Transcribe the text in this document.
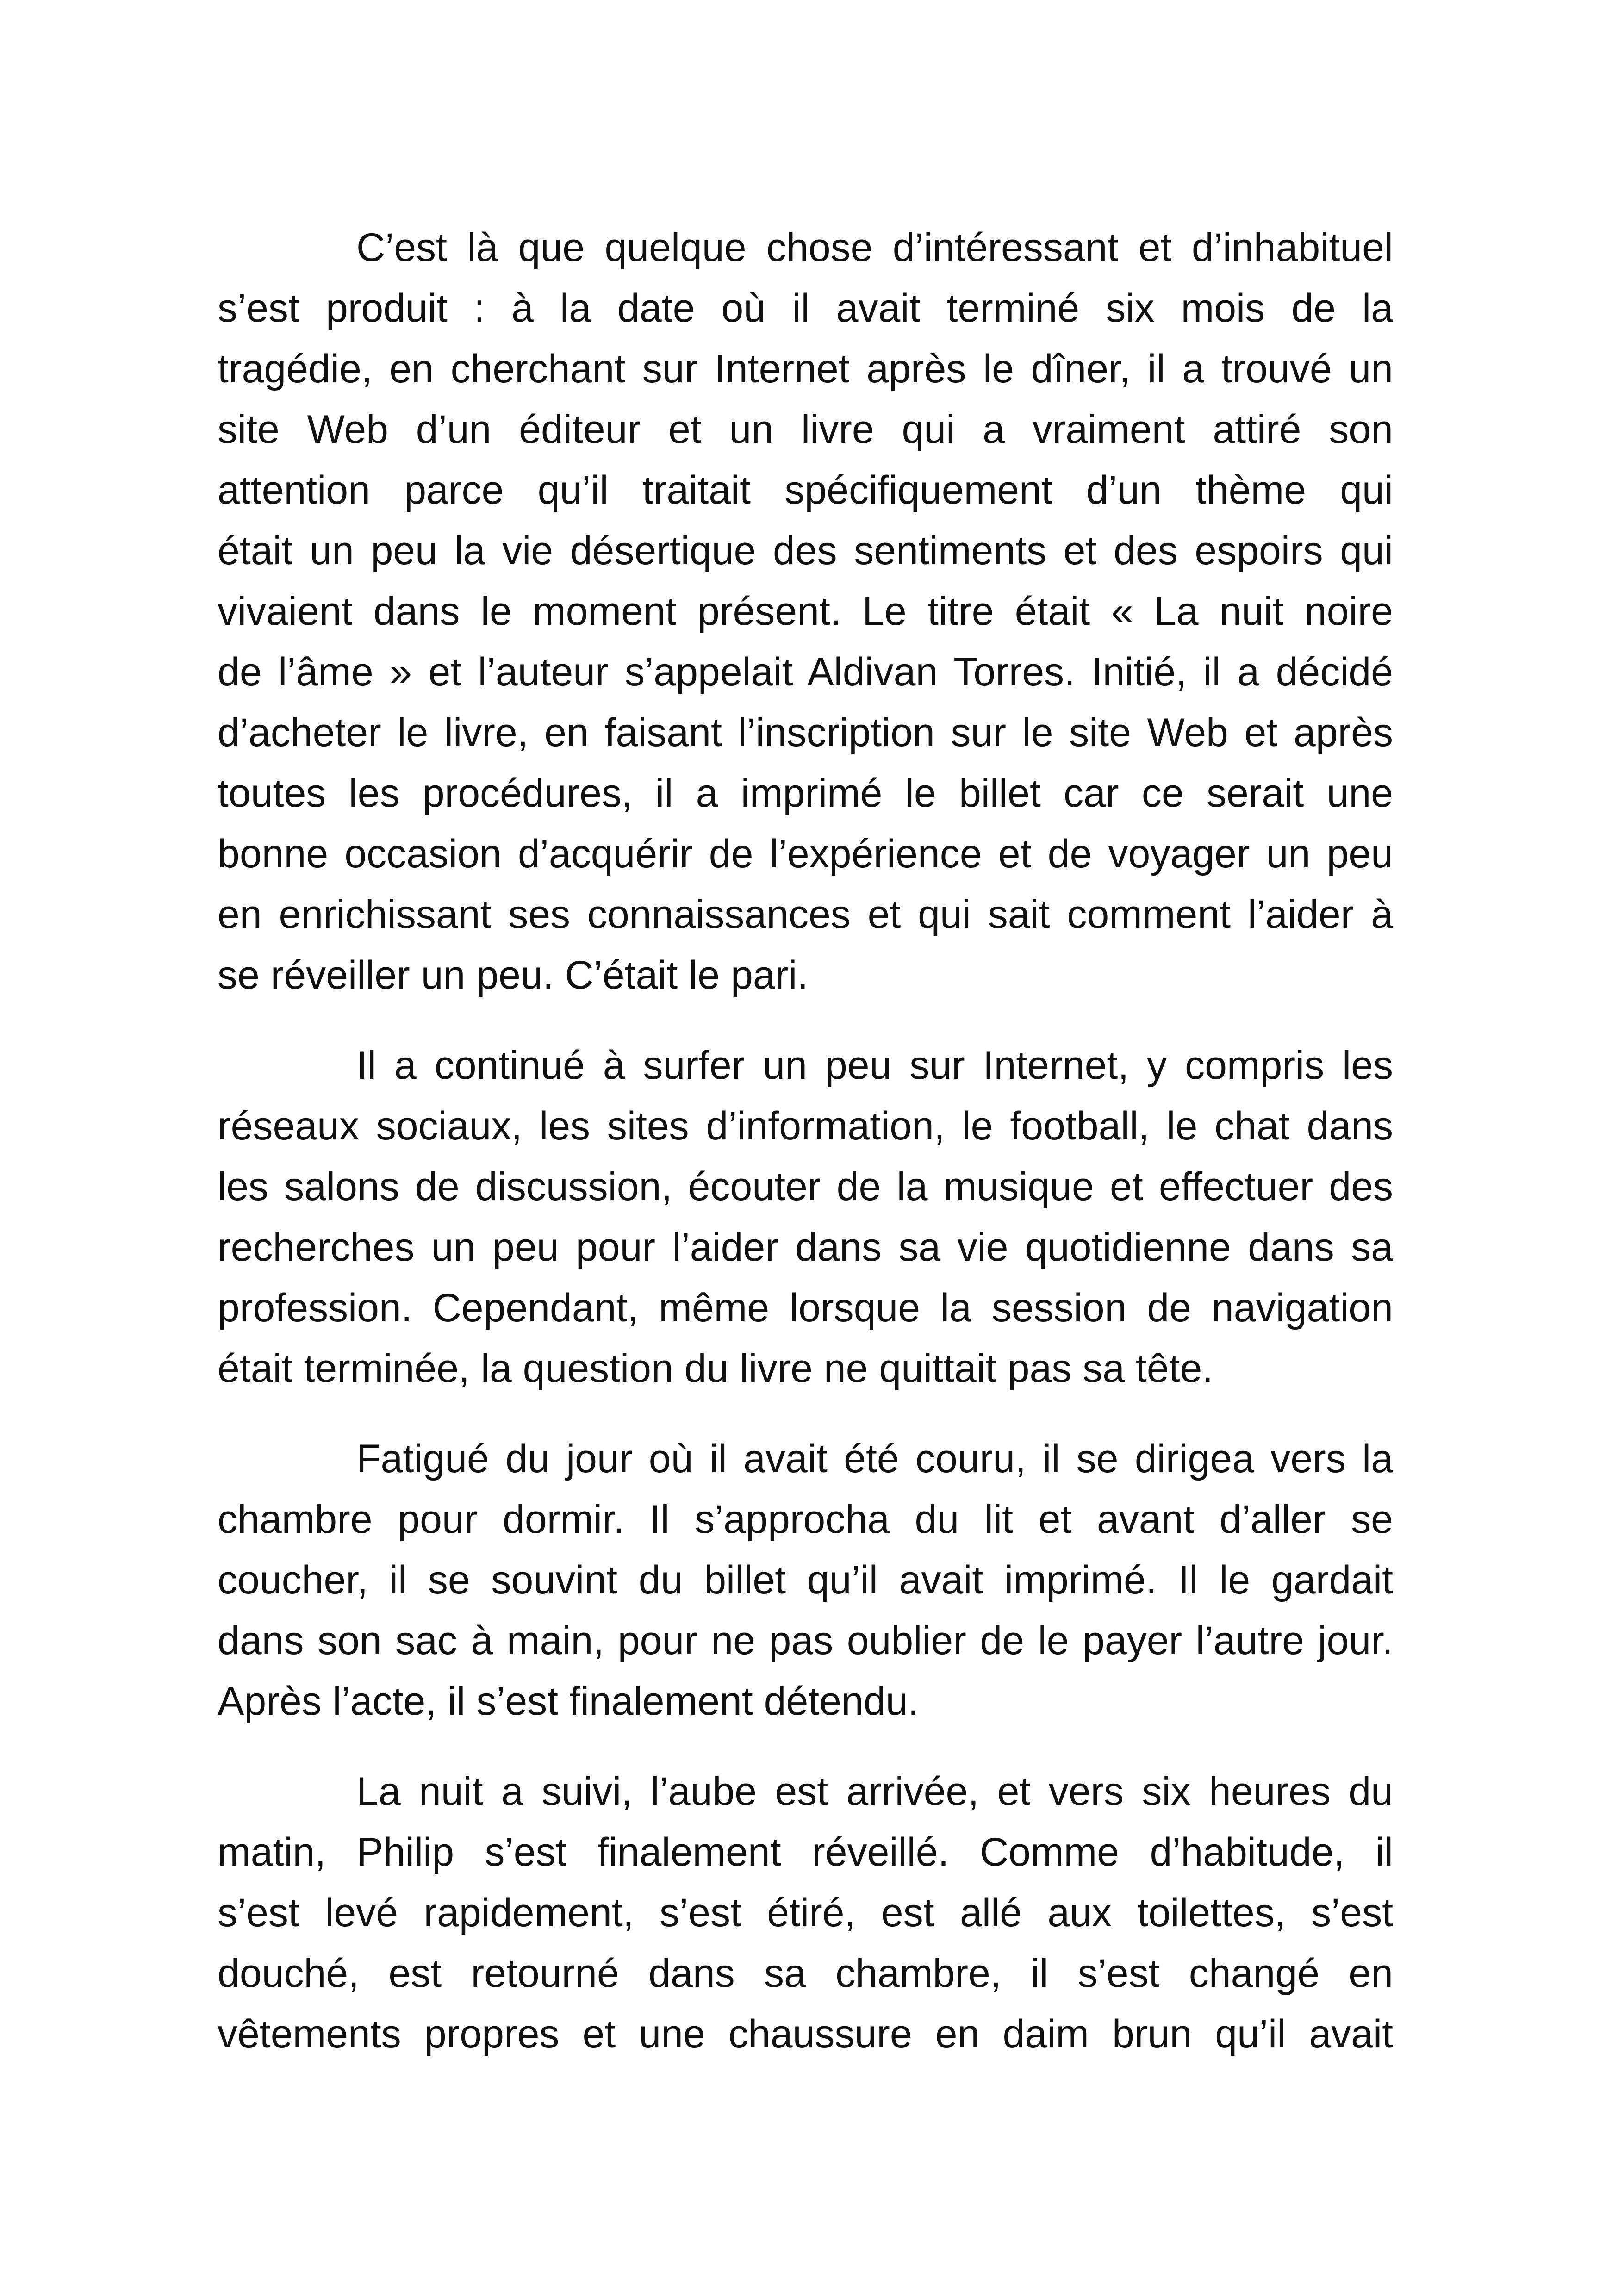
C’est là que quelque chose d’intéressant et d’inhabituel
s’est produit : à la date où il avait terminé six mois de la
tragédie, en cherchant sur Internet après le dîner, il a trouvé un
site Web d’un éditeur et un livre qui a vraiment attiré son
attention parce qu’il traitait spécifiquement d’un thème qui
était un peu la vie désertique des sentiments et des espoirs qui
vivaient dans le moment présent. Le titre était « La nuit noire
de l’âme » et l’auteur s’appelait Aldivan Torres. Initié, il a décidé
d’acheter le livre, en faisant l’inscription sur le site Web et après
toutes les procédures, il a imprimé le billet car ce serait une
bonne occasion d’acquérir de l’expérience et de voyager un peu
en enrichissant ses connaissances et qui sait comment l’aider à
se réveiller un peu. C’était le pari.
Il a continué à surfer un peu sur Internet, y compris les
réseaux sociaux, les sites d’information, le football, le chat dans
les salons de discussion, écouter de la musique et effectuer des
recherches un peu pour l’aider dans sa vie quotidienne dans sa
profession. Cependant, même lorsque la session de navigation
était terminée, la question du livre ne quittait pas sa tête.
Fatigué du jour où il avait été couru, il se dirigea vers la
chambre pour dormir. Il s’approcha du lit et avant d’aller se
coucher, il se souvint du billet qu’il avait imprimé. Il le gardait
dans son sac à main, pour ne pas oublier de le payer l’autre jour.
Après l’acte, il s’est finalement détendu.
La nuit a suivi, l’aube est arrivée, et vers six heures du
matin, Philip s’est finalement réveillé. Comme d’habitude, il
s’est levé rapidement, s’est étiré, est allé aux toilettes, s’est
douché, est retourné dans sa chambre, il s’est changé en
vêtements propres et une chaussure en daim brun qu’il avait
